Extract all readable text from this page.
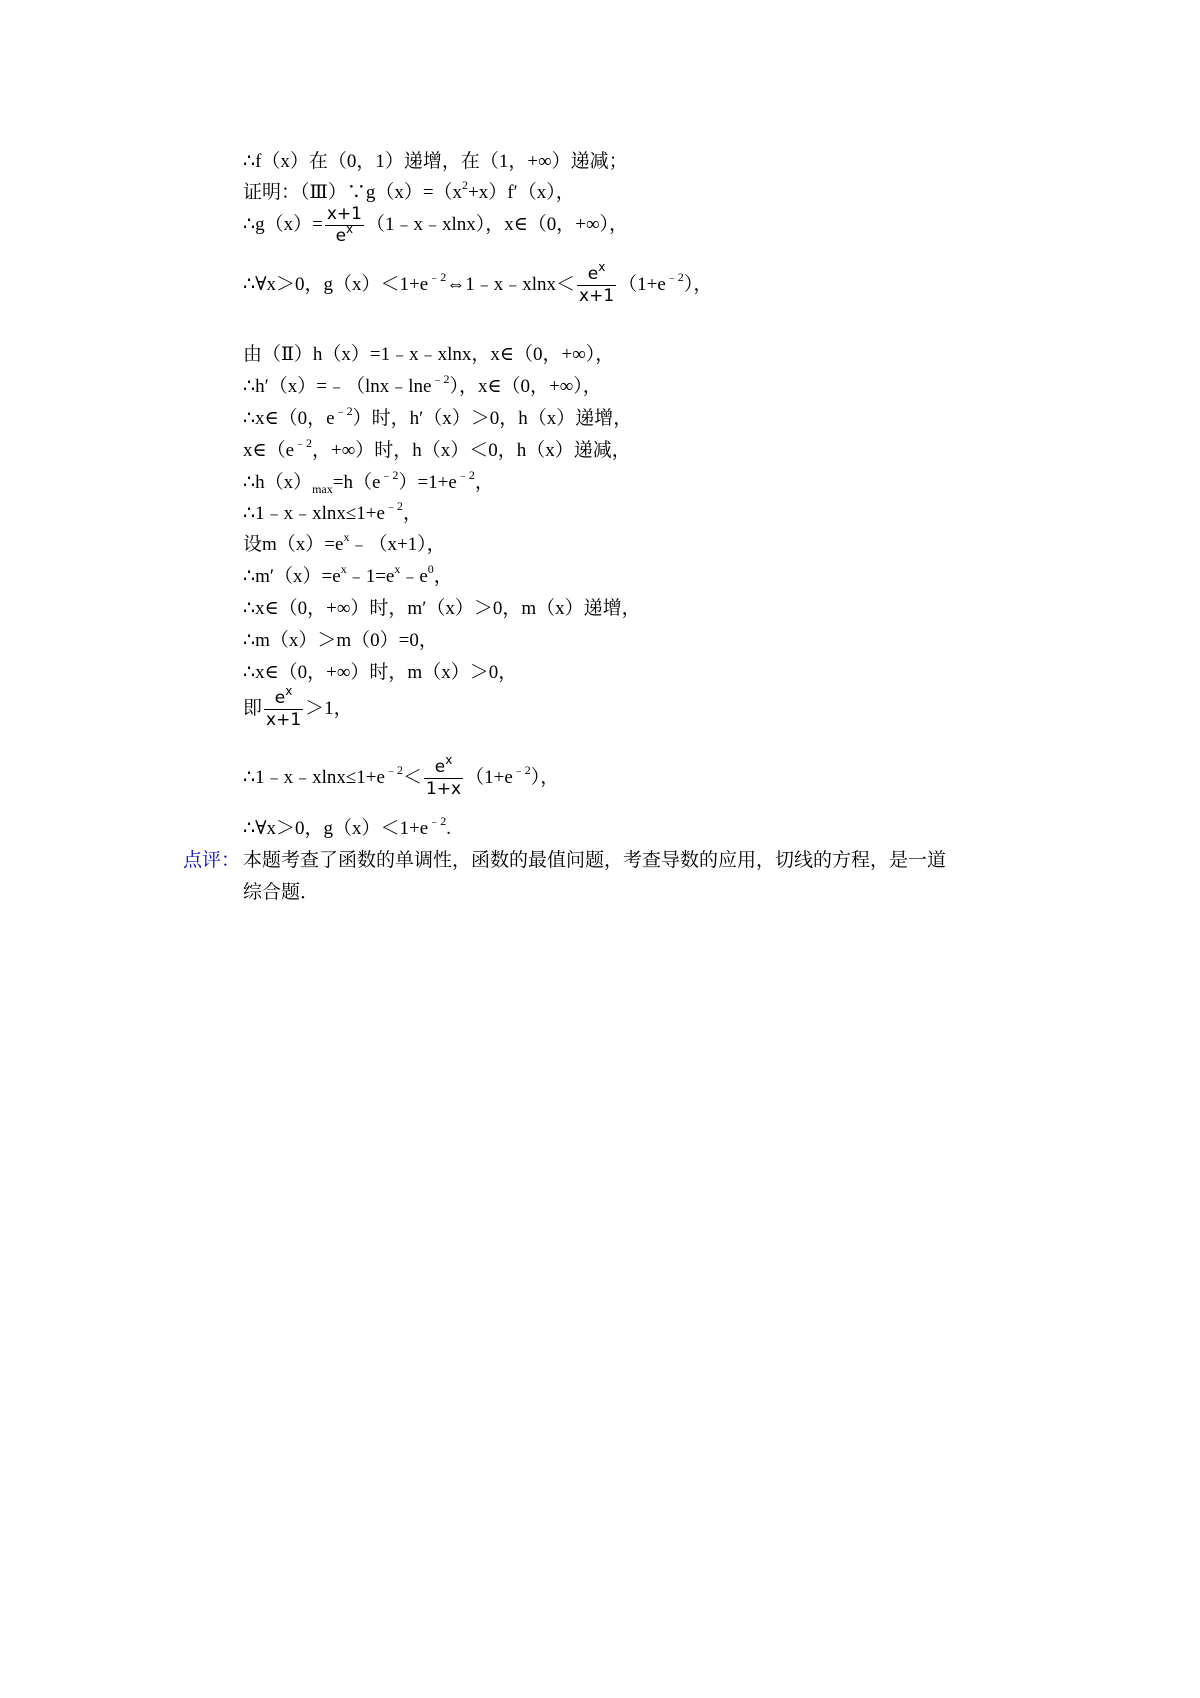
∴f（x）在（0，1）递增，在（1，+∞）递减；
证明：$(Ⅲ)\because g(x)=(x^2+x)f'(x)$，
∴g（x）= $\frac{x+1}{e^x}$ （1﹣x﹣xlnx），x∈（0，+∞），
∴∀x＞0，$g(x)<1+e^{﹣2}\Leftrightarrow 1﹣x﹣xlnx< \frac{e^x}{x+1} (1+e^{﹣2})$，
由（Ⅱ）h（x）=1﹣x﹣xlnx，x∈（0，+∞），
∴h′（x）=﹣（lnx﹣lne$^{﹣2}$），x∈（0，+∞），
∴x∈（0，$e^{﹣2}$）时，h′（x）＞0，h（x）递增，
$x\in(e^{﹣2}$，+∞）时，h（x）＜0，h（x）递减，
$\therefore h(x)_{max}=h(e^{﹣2})=1+e^{﹣2}$，
$\therefore 1﹣x﹣xlnx\le 1+e^{﹣2}$，
设$m(x)=e^x﹣(x+1)$，
$\therefore m'(x)=e^x﹣1=e^x﹣e^0$，
∴x∈（0，+∞）时，m′（x）＞0，m（x）递增，
∴m（x）＞m（0）=0，
∴x∈（0，+∞）时，m（x）＞0，
即 $\frac{e^x}{x+1} >1$，
$\therefore 1﹣x﹣xlnx\le 1+e^{﹣2}< \frac{e^x}{1+x} (1+e^{﹣2})$，
∴∀x＞0，$g(x)<1+e^{﹣2}$.
点评： 本题考查了函数的单调性，函数的最值问题，考查导数的应用，切线的方程，是一道
综合题．
